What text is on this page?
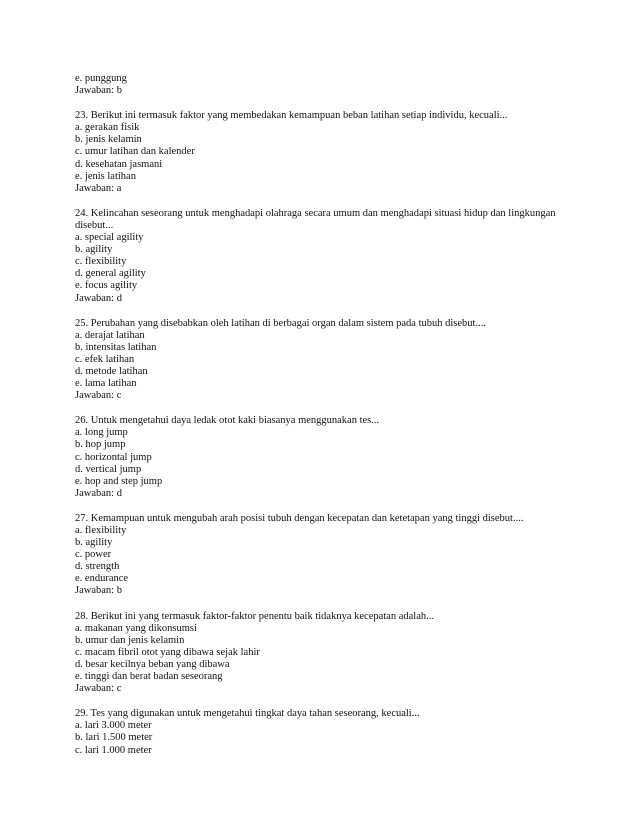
e. punggung
Jawaban: b
23. Berikut ini termasuk faktor yang membedakan kemampuan beban latihan setiap individu, kecuali...
a. gerakan fisik
b. jenis kelamin
c. umur latihan dan kalender
d. kesehatan jasmani
e. jenis latihan
Jawaban: a
24. Kelincahan seseorang untuk menghadapi olahraga secara umum dan menghadapi situasi hidup dan lingkungan
disebut...
a. special agility
b. agility
c. flexibility
d. general agility
e. focus agility
Jawaban: d
25. Perubahan yang disebabkan oleh latihan di berbagai organ dalam sistem pada tubuh disebut....
a. derajat latihan
b. intensitas latihan
c. efek latihan
d. metode latihan
e. lama latihan
Jawaban: c
26. Untuk mengetahui daya ledak otot kaki biasanya menggunakan tes...
a. long jump
b. hop jump
c. horizontal jump
d. vertical jump
e. hop and step jump
Jawaban: d
27. Kemampuan untuk mengubah arah posisi tubuh dengan kecepatan dan ketetapan yang tinggi disebut....
a. flexibility
b. agility
c. power
d. strength
e. endurance
Jawaban: b
28. Berikut ini yang termasuk faktor-faktor penentu baik tidaknya kecepatan adalah...
a. makanan yang dikonsumsi
b. umur dan jenis kelamin
c. macam fibril otot yang dibawa sejak lahir
d. besar kecilnya beban yang dibawa
e. tinggi dan berat badan seseorang
Jawaban: c
29. Tes yang digunakan untuk mengetahui tingkat daya tahan seseorang, kecuali...
a. lari 3.000 meter
b. lari 1.500 meter
c. lari 1.000 meter
